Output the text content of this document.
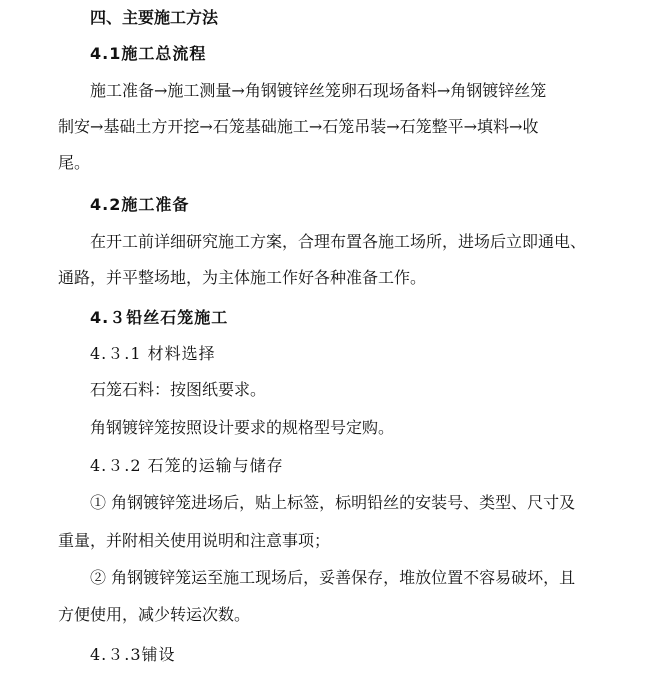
四、主要施工方法
4.1施工总流程
施工准备→施工测量→角钢镀锌丝笼卵石现场备料→角钢镀锌丝笼
制安→基础土方开挖→石笼基础施工→石笼吊装→石笼整平→填料→收
尾。
4.2施工准备
在开工前详细研究施工方案，合理布置各施工场所，进场后立即通电、
通路，并平整场地，为主体施工作好各种准备工作。
4.３铅丝石笼施工
4.３.1 材料选择
石笼石料：按图纸要求。
角钢镀锌笼按照设计要求的规格型号定购。
4.３.2 石笼的运输与储存
① 角钢镀锌笼进场后，贴上标签，标明铅丝的安装号、类型、尺寸及
重量，并附相关使用说明和注意事项；
② 角钢镀锌笼运至施工现场后，妥善保存，堆放位置不容易破坏，且
方便使用，减少转运次数。
4.３.3铺设
